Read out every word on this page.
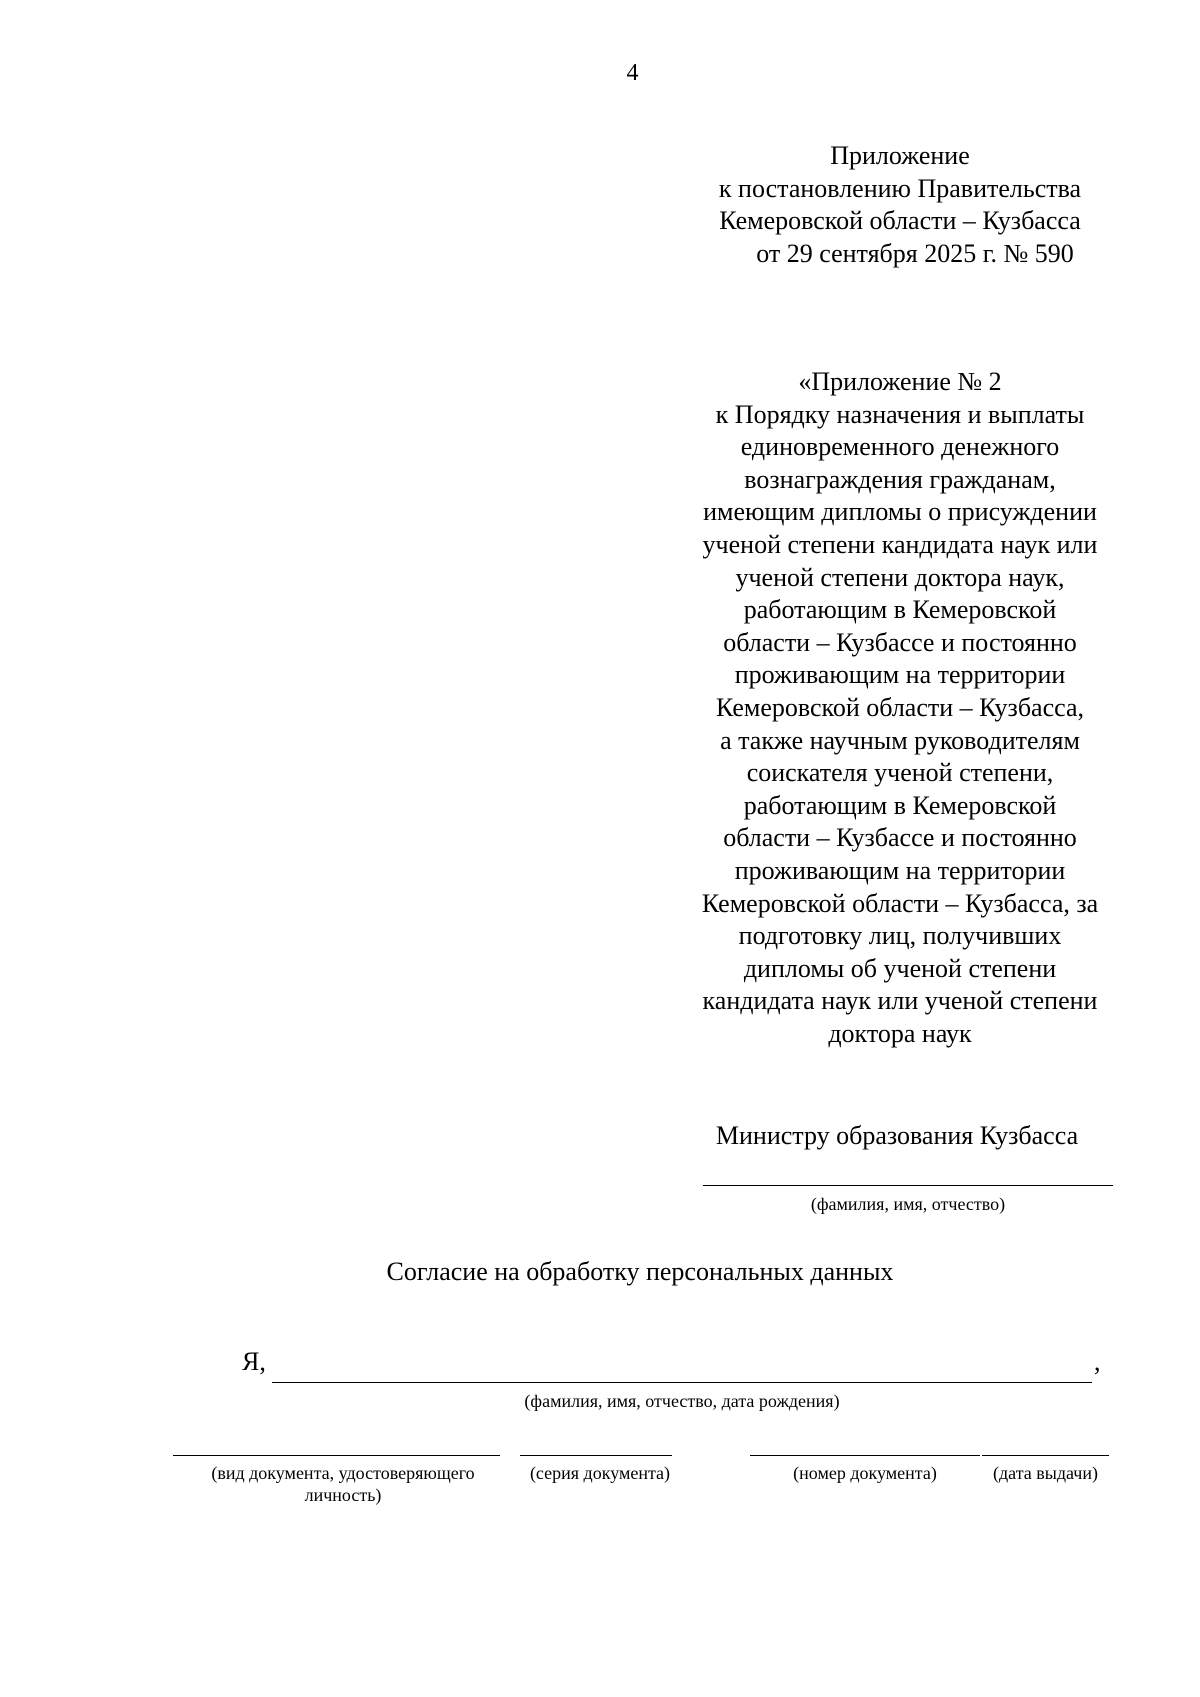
4
Приложение
к постановлению Правительства
Кемеровской области – Кузбасса
от 29 сентября 2025 г. № 590
«Приложение № 2
к Порядку назначения и выплаты
единовременного денежного
вознаграждения гражданам,
имеющим дипломы о присуждении
ученой степени кандидата наук или
ученой степени доктора наук,
работающим в Кемеровской
области – Кузбассе и постоянно
проживающим на территории
Кемеровской области – Кузбасса,
а также научным руководителям
соискателя ученой степени,
работающим в Кемеровской
области – Кузбассе и постоянно
проживающим на территории
Кемеровской области – Кузбасса, за
подготовку лиц, получивших
дипломы об ученой степени
кандидата наук или ученой степени
доктора наук
Министру образования Кузбасса
(фамилия, имя, отчество)
Согласие на обработку персональных данных
Я,	,
(фамилия, имя, отчество, дата рождения)
(вид документа, удостоверяющего
личность)
(серия документа)	(номер документа)	(дата выдачи)
